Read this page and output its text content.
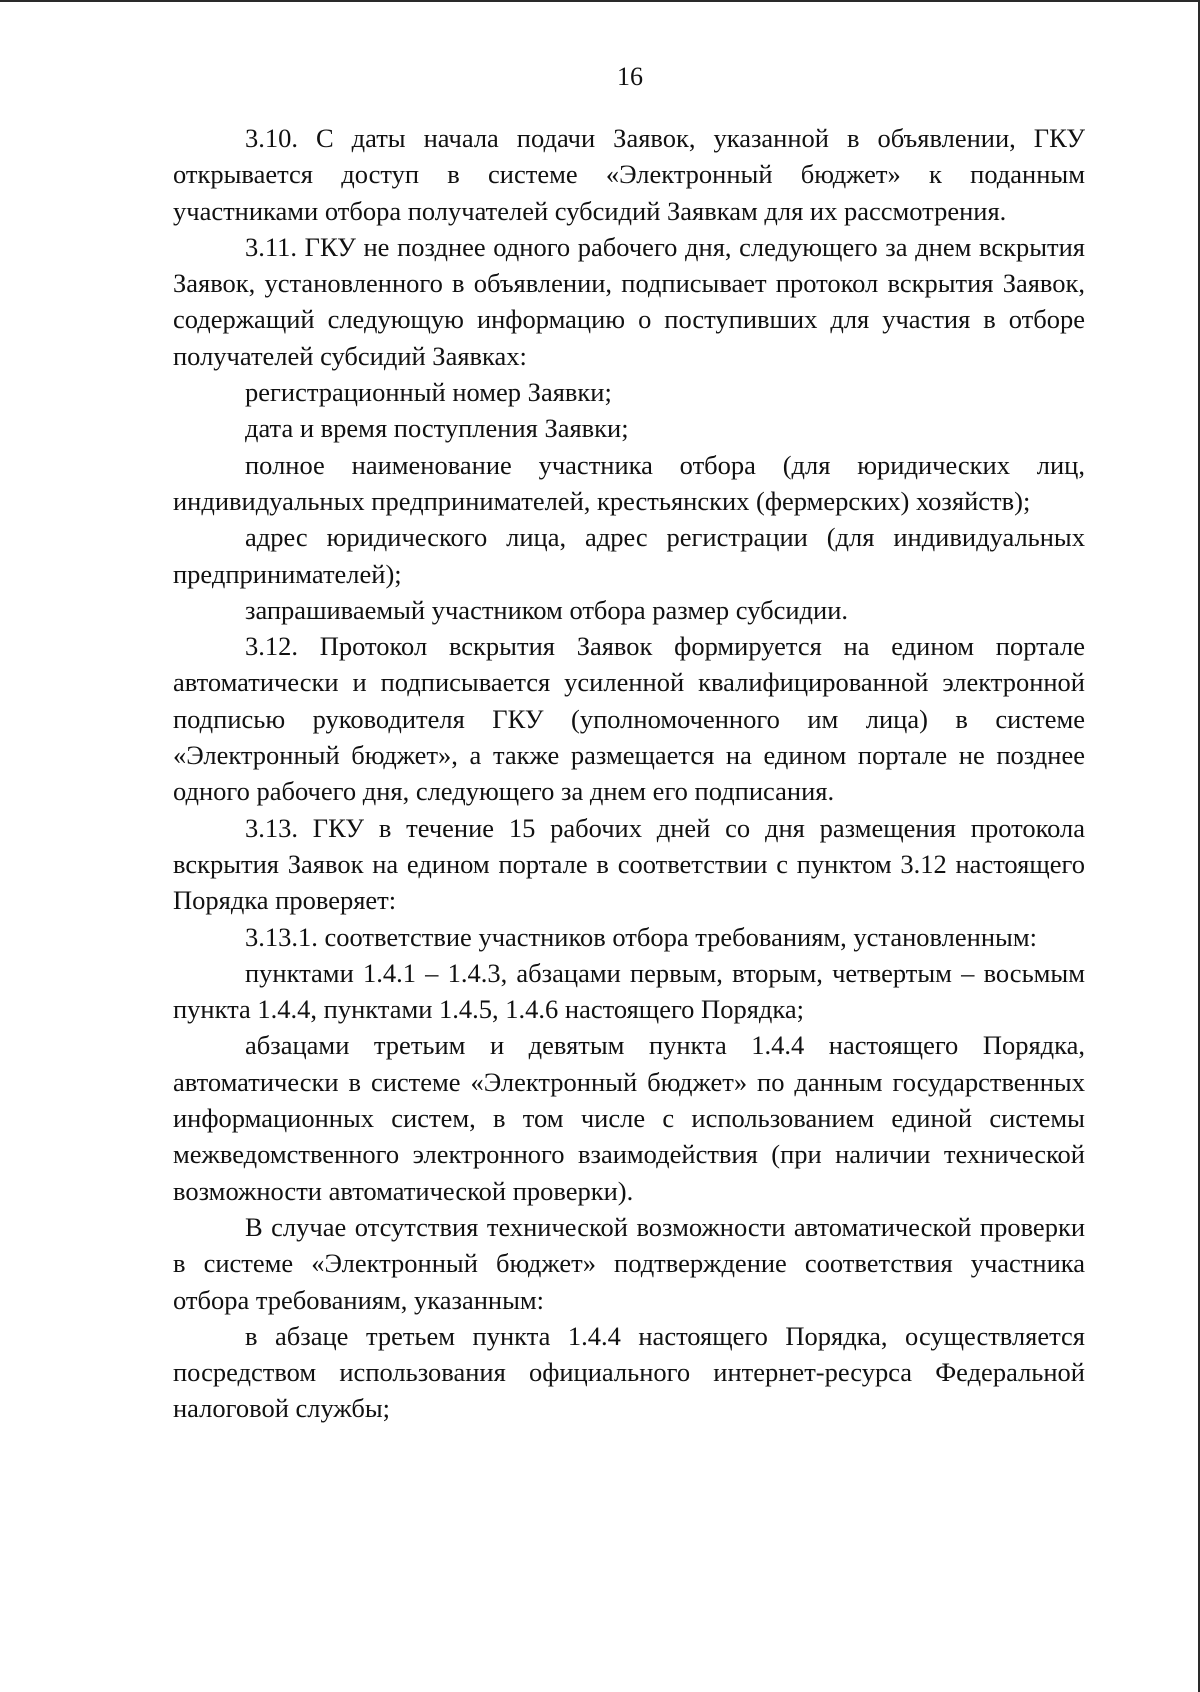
16

3.10. С даты начала подачи Заявок, указанной в объявлении, ГКУ открывается доступ в системе «Электронный бюджет» к поданным участниками отбора получателей субсидий Заявкам для их рассмотрения.

3.11. ГКУ не позднее одного рабочего дня, следующего за днем вскрытия Заявок, установленного в объявлении, подписывает протокол вскрытия Заявок, содержащий следующую информацию о поступивших для участия в отборе получателей субсидий Заявках:

регистрационный номер Заявки;

дата и время поступления Заявки;

полное наименование участника отбора (для юридических лиц, индивидуальных предпринимателей, крестьянских (фермерских) хозяйств);

адрес юридического лица, адрес регистрации (для индивидуальных предпринимателей);

запрашиваемый участником отбора размер субсидии.

3.12. Протокол вскрытия Заявок формируется на едином портале автоматически и подписывается усиленной квалифицированной электронной подписью руководителя ГКУ (уполномоченного им лица) в системе «Электронный бюджет», а также размещается на едином портале не позднее одного рабочего дня, следующего за днем его подписания.

3.13. ГКУ в течение 15 рабочих дней со дня размещения протокола вскрытия Заявок на едином портале в соответствии с пунктом 3.12 настоящего Порядка проверяет:

3.13.1. соответствие участников отбора требованиям, установленным:

пунктами 1.4.1 – 1.4.3, абзацами первым, вторым, четвертым – восьмым пункта 1.4.4, пунктами 1.4.5, 1.4.6 настоящего Порядка;

абзацами третьим и девятым пункта 1.4.4 настоящего Порядка, автоматически в системе «Электронный бюджет» по данным государственных информационных систем, в том числе с использованием единой системы межведомственного электронного взаимодействия (при наличии технической возможности автоматической проверки).

В случае отсутствия технической возможности автоматической проверки в системе «Электронный бюджет» подтверждение соответствия участника отбора требованиям, указанным:

в абзаце третьем пункта 1.4.4 настоящего Порядка, осуществляется посредством использования официального интернет-ресурса Федеральной налоговой службы;
